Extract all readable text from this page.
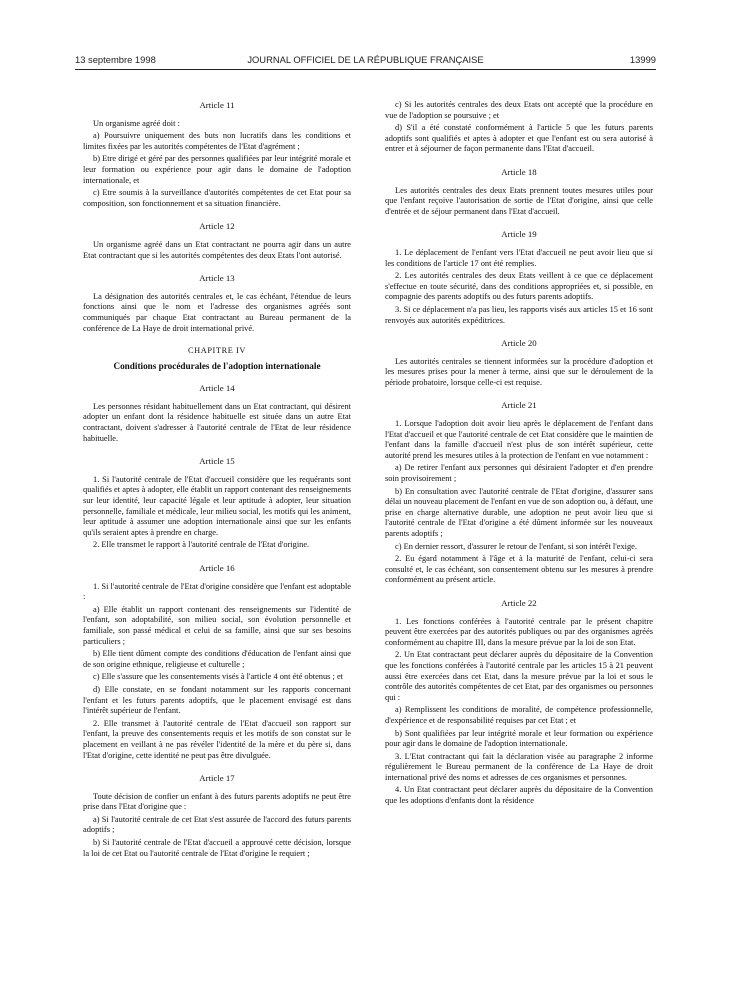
13 septembre 1998	JOURNAL OFFICIEL DE LA RÉPUBLIQUE FRANÇAISE	13999
Article 11

Un organisme agréé doit :

a) Poursuivre uniquement des buts non lucratifs dans les conditions et limites fixées par les autorités compétentes de l'Etat d'agrément ;

b) Etre dirigé et géré par des personnes qualifiées par leur intégrité morale et leur formation ou expérience pour agir dans le domaine de l'adoption internationale, et

c) Etre soumis à la surveillance d'autorités compétentes de cet Etat pour sa composition, son fonctionnement et sa situation financière.

Article 12

Un organisme agréé dans un Etat contractant ne pourra agir dans un autre Etat contractant que si les autorités compétentes des deux Etats l'ont autorisé.

Article 13

La désignation des autorités centrales et, le cas échéant, l'étendue de leurs fonctions ainsi que le nom et l'adresse des organismes agréés sont communiqués par chaque Etat contractant au Bureau permanent de la conférence de La Haye de droit international privé.

CHAPITRE IV
Conditions procédurales de l'adoption internationale
Article 14

Les personnes résidant habituellement dans un Etat contractant, qui désirent adopter un enfant dont la résidence habituelle est située dans un autre Etat contractant, doivent s'adresser à l'autorité centrale de l'Etat de leur résidence habituelle.

Article 15

1. Si l'autorité centrale de l'Etat d'accueil considère que les requérants sont qualifiés et aptes à adopter, elle établit un rapport contenant des renseignements sur leur identité, leur capacité légale et leur aptitude à adopter, leur situation personnelle, familiale et médicale, leur milieu social, les motifs qui les animent, leur aptitude à assumer une adoption internationale ainsi que sur les enfants qu'ils seraient aptes à prendre en charge.

2. Elle transmet le rapport à l'autorité centrale de l'Etat d'origine.

Article 16

1. Si l'autorité centrale de l'Etat d'origine considère que l'enfant est adoptable :

a) Elle établit un rapport contenant des renseignements sur l'identité de l'enfant, son adoptabilité, son milieu social, son évolution personnelle et familiale, son passé médical et celui de sa famille, ainsi que sur ses besoins particuliers ;

b) Elle tient dûment compte des conditions d'éducation de l'enfant ainsi que de son origine ethnique, religieuse et culturelle ;

c) Elle s'assure que les consentements visés à l'article 4 ont été obtenus ; et

d) Elle constate, en se fondant notamment sur les rapports concernant l'enfant et les futurs parents adoptifs, que le placement envisagé est dans l'intérêt supérieur de l'enfant.

2. Elle transmet à l'autorité centrale de l'Etat d'accueil son rapport sur l'enfant, la preuve des consentements requis et les motifs de son constat sur le placement en veillant à ne pas révéler l'identité de la mère et du père si, dans l'Etat d'origine, cette identité ne peut pas être divulguée.

Article 17

Toute décision de confier un enfant à des futurs parents adoptifs ne peut être prise dans l'Etat d'origine que :

a) Si l'autorité centrale de cet Etat s'est assurée de l'accord des futurs parents adoptifs ;

b) Si l'autorité centrale de l'Etat d'accueil a approuvé cette décision, lorsque la loi de cet Etat ou l'autorité centrale de l'Etat d'origine le requiert ;

c) Si les autorités centrales des deux Etats ont accepté que la procédure en vue de l'adoption se poursuive ; et

d) S'il a été constaté conformément à l'article 5 que les futurs parents adoptifs sont qualifiés et aptes à adopter et que l'enfant est ou sera autorisé à entrer et à séjourner de façon permanente dans l'Etat d'accueil.

Article 18

Les autorités centrales des deux Etats prennent toutes mesures utiles pour que l'enfant reçoive l'autorisation de sortie de l'Etat d'origine, ainsi que celle d'entrée et de séjour permanent dans l'Etat d'accueil.

Article 19

1. Le déplacement de l'enfant vers l'Etat d'accueil ne peut avoir lieu que si les conditions de l'article 17 ont été remplies.

2. Les autorités centrales des deux Etats veillent à ce que ce déplacement s'effectue en toute sécurité, dans des conditions appropriées et, si possible, en compagnie des parents adoptifs ou des futurs parents adoptifs.

3. Si ce déplacement n'a pas lieu, les rapports visés aux articles 15 et 16 sont renvoyés aux autorités expéditrices.

Article 20

Les autorités centrales se tiennent informées sur la procédure d'adoption et les mesures prises pour la mener à terme, ainsi que sur le déroulement de la période probatoire, lorsque celle-ci est requise.

Article 21

1. Lorsque l'adoption doit avoir lieu après le déplacement de l'enfant dans l'Etat d'accueil et que l'autorité centrale de cet Etat considère que le maintien de l'enfant dans la famille d'accueil n'est plus de son intérêt supérieur, cette autorité prend les mesures utiles à la protection de l'enfant en vue notamment :

a) De retirer l'enfant aux personnes qui désiraient l'adopter et d'en prendre soin provisoirement ;

b) En consultation avec l'autorité centrale de l'Etat d'origine, d'assurer sans délai un nouveau placement de l'enfant en vue de son adoption ou, à défaut, une prise en charge alternative durable, une adoption ne peut avoir lieu que si l'autorité centrale de l'Etat d'origine a été dûment informée sur les nouveaux parents adoptifs ;

c) En dernier ressort, d'assurer le retour de l'enfant, si son intérêt l'exige.

2. Eu égard notamment à l'âge et à la maturité de l'enfant, celui-ci sera consulté et, le cas échéant, son consentement obtenu sur les mesures à prendre conformément au présent article.

Article 22

1. Les fonctions conférées à l'autorité centrale par le présent chapitre peuvent être exercées par des autorités publiques ou par des organismes agréés conformément au chapitre III, dans la mesure prévue par la loi de son Etat.

2. Un Etat contractant peut déclarer auprès du dépositaire de la Convention que les fonctions conférées à l'autorité centrale par les articles 15 à 21 peuvent aussi être exercées dans cet Etat, dans la mesure prévue par la loi et sous le contrôle des autorités compétentes de cet Etat, par des organismes ou personnes qui :

a) Remplissent les conditions de moralité, de compétence professionnelle, d'expérience et de responsabilité requises par cet Etat ; et

b) Sont qualifiées par leur intégrité morale et leur formation ou expérience pour agir dans le domaine de l'adoption internationale.

3. L'Etat contractant qui fait la déclaration visée au paragraphe 2 informe régulièrement le Bureau permanent de la conférence de La Haye de droit international privé des noms et adresses de ces organismes et personnes.

4. Un Etat contractant peut déclarer auprès du dépositaire de la Convention que les adoptions d'enfants dont la résidence
